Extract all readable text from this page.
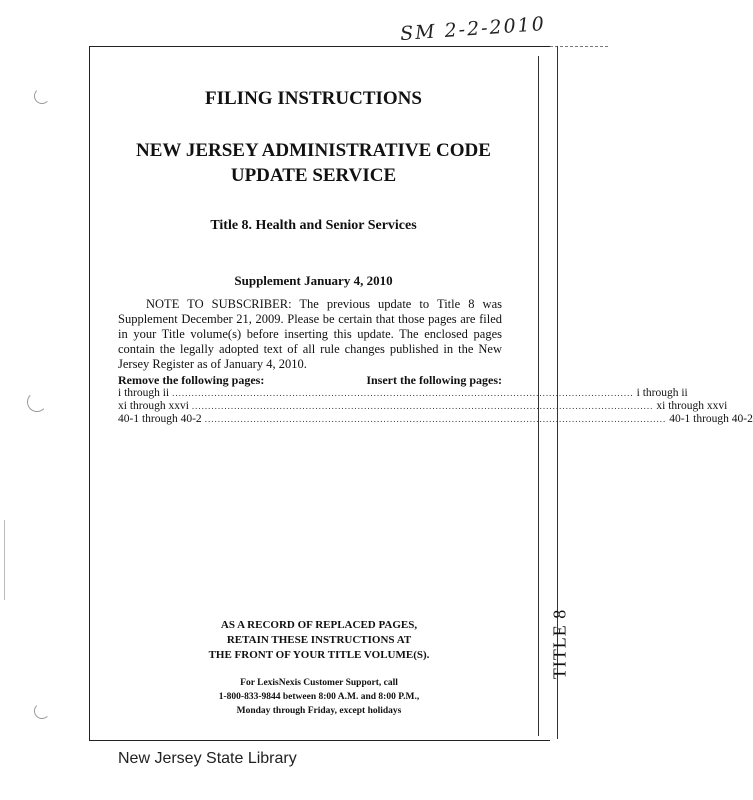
SM 2-2-2010
TITLE 8
FILING INSTRUCTIONS
NEW JERSEY ADMINISTRATIVE CODE
UPDATE SERVICE
Title 8. Health and Senior Services
Supplement January 4, 2010
NOTE TO SUBSCRIBER: The previous update to Title 8 was Supplement December 21, 2009. Please be certain that those pages are filed in your Title volume(s) before inserting this update. The enclosed pages contain the legally adopted text of all rule changes published in the New Jersey Register as of January 4, 2010.
Remove the following pages:	Insert the following pages:
i through ii .............................................................................................................................................. i through ii
xi through xxvi .............................................................................................................................................. xi through xxvi
40-1 through 40-2 .............................................................................................................................................. 40-1 through 40-2
AS A RECORD OF REPLACED PAGES,
RETAIN THESE INSTRUCTIONS AT
THE FRONT OF YOUR TITLE VOLUME(S).
For LexisNexis Customer Support, call
1-800-833-9844 between 8:00 A.M. and 8:00 P.M.,
Monday through Friday, except holidays
New Jersey State Library
